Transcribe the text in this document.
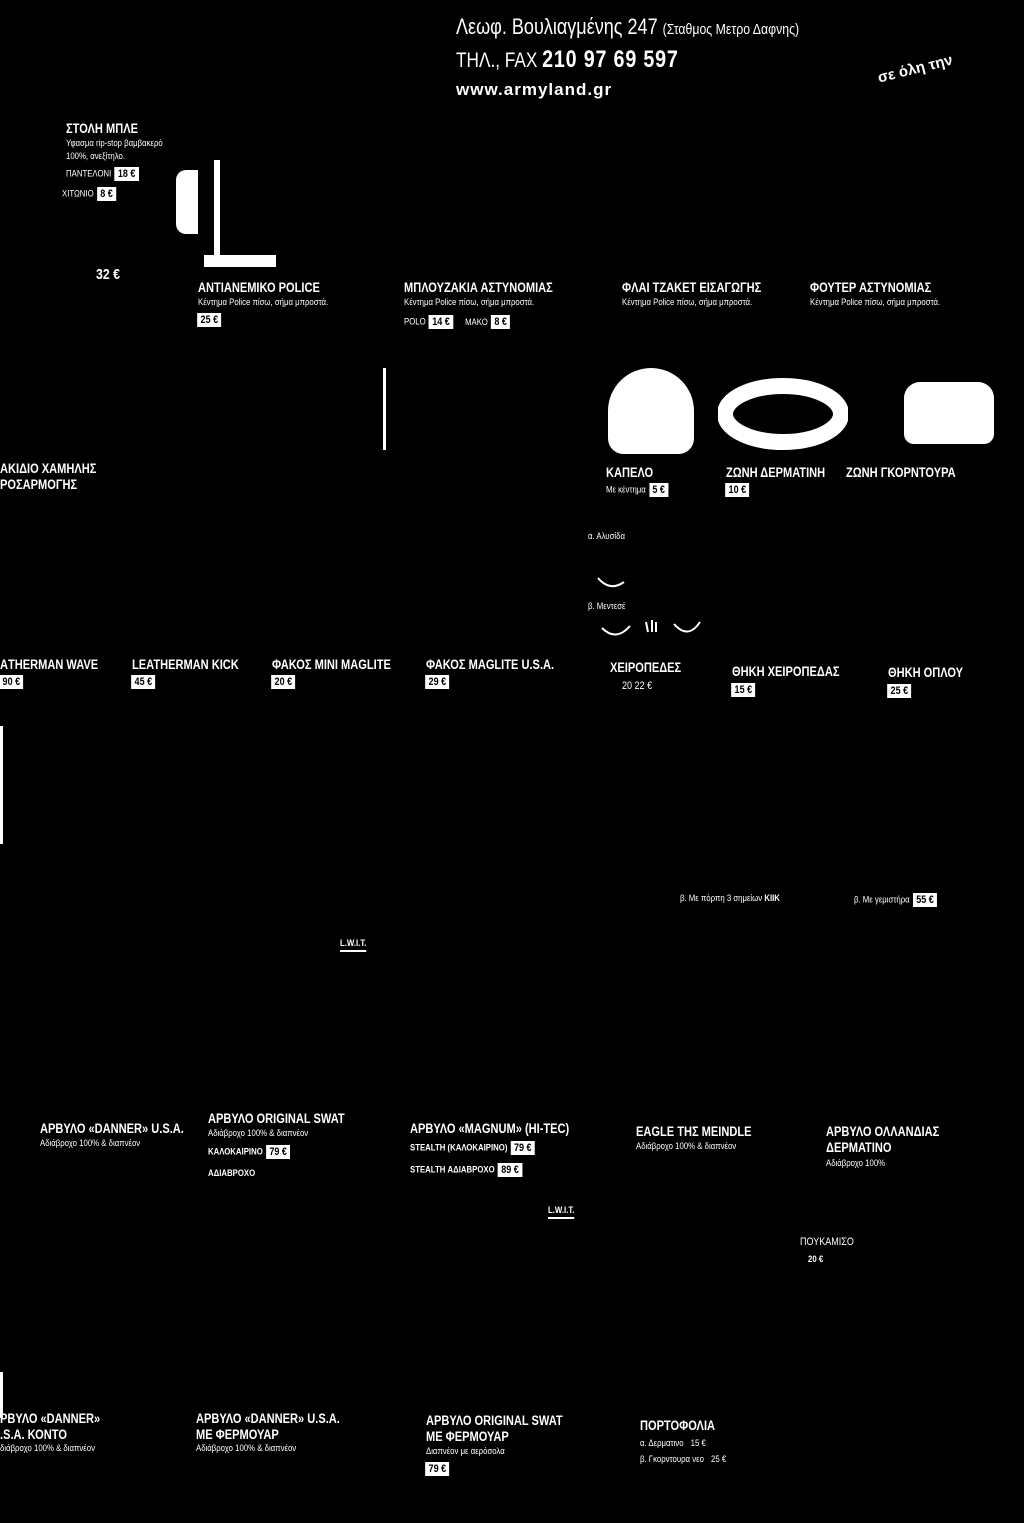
Λεωφ. Βουλιαγμένης 247 (Σταθμος Μετρο Δαφνης)
ΤΗΛ., FAX 210 97 69 597
www.armyland.gr
σε όλη την
ΣΤΟΛΗ ΜΠΛΕ
Υφασμα rip-stop βαμβακερό
100%, ανεξίτηλο.
ΠΑΝΤΕΛΟΝΙ 18 €
ΧΙΤΩΝΙΟ 8 €
32 €
ΑΝΤΙΑΝΕΜΙΚΟ POLICE
Κέντημα Police πίσω, σήμα μπροστά.
25 €
ΜΠΛΟΥΖΑΚΙΑ ΑΣΤΥΝΟΜΙΑΣ
Κέντημα Police πίσω, σήμα μπροστά.
ΡΟLΟ 14 € ΜΑΚΟ 8 €
ΦΛΑΙ ΤΖΑΚΕΤ ΕΙΣΑΓΩΓΗΣ
Κέντημα Police πίσω, σήμα μπροστά.
ΦΟΥΤΕΡ ΑΣΤΥΝΟΜΙΑΣ
Κέντημα Police πίσω, σήμα μπροστά.
ΑΚΙΔΙΟ ΧΑΜΗΛΗΣ
ΡΟΣΑΡΜΟΓΗΣ
ΚΑΠΕΛΟ
Με κέντημα 5 €
ΖΩΝΗ ΔΕΡΜΑΤΙΝΗ
10 €
ΖΩΝΗ ΓΚΟΡΝΤΟΥΡΑ
α. Αλυσίδα
β. Μεντεσέ
ΑTHERMAN WAVE
90 €
LEATHERMAN KICK
45 €
ΦΑΚΟΣ MINI MAGLITE
20 €
ΦΑΚΟΣ MAGLITE U.S.A.
29 €
ΧΕΙΡΟΠΕΔΕΣ
20 22 €
ΘΗΚΗ ΧΕΙΡΟΠΕΔΑΣ
15 €
ΘΗΚΗ ΟΠΛΟΥ
25 €
β. Με πόρπη 3 σημείων KIIK	β. Με γεμιστήρα 55 €
L.W.I.T.
ΑΡΒΥΛΟ «DANNER» U.S.A.
Αδιάβροχο 100% & διαπνέον
ΑΡΒΥΛΟ ORIGINAL SWAT
Αδιάβροχο 100% & διαπνέον
ΚΑΛΟΚΑΙΡΙΝΟ 79 €
ΑΔΙΑΒΡΟΧΟ
ΑΡΒΥΛΟ «MAGNUM» (HI-TEC)
STEALTH (ΚΑΛΟΚΑΙΡΙΝΟ) 79 €
STEALTH ΑΔΙΑΒΡΟΧΟ 89 €
EAGLE ΤΗΣ MEINDLE
Αδιάβροχο 100% & διαπνέον
ΑΡΒΥΛΟ ΟΛΛΑΝΔΙΑΣ
ΔΕΡΜΑΤΙΝΟ
Αδιάβροχο 100%
L.W.I.T.
ΠΟΥΚΑΜΙΣΟ
20 €
ΡΒΥΛΟ «DANNER»
.S.A. ΚΟΝΤΟ
διάβροχο 100% & διαπνέον
ΑΡΒΥΛΟ «DANNER» U.S.A.
ΜΕ ΦΕΡΜΟΥΑΡ
Αδιάβροχο 100% & διαπνέον
ΑΡΒΥΛΟ ORIGINAL SWAT
ΜΕ ΦΕΡΜΟΥΑΡ
Διαπνέον με αερόσολα
79 €
ΠΟΡΤΟΦΟΛΙΑ
α. Δερματινο 15 €
β. Γκορντουρα νεο 25 €
